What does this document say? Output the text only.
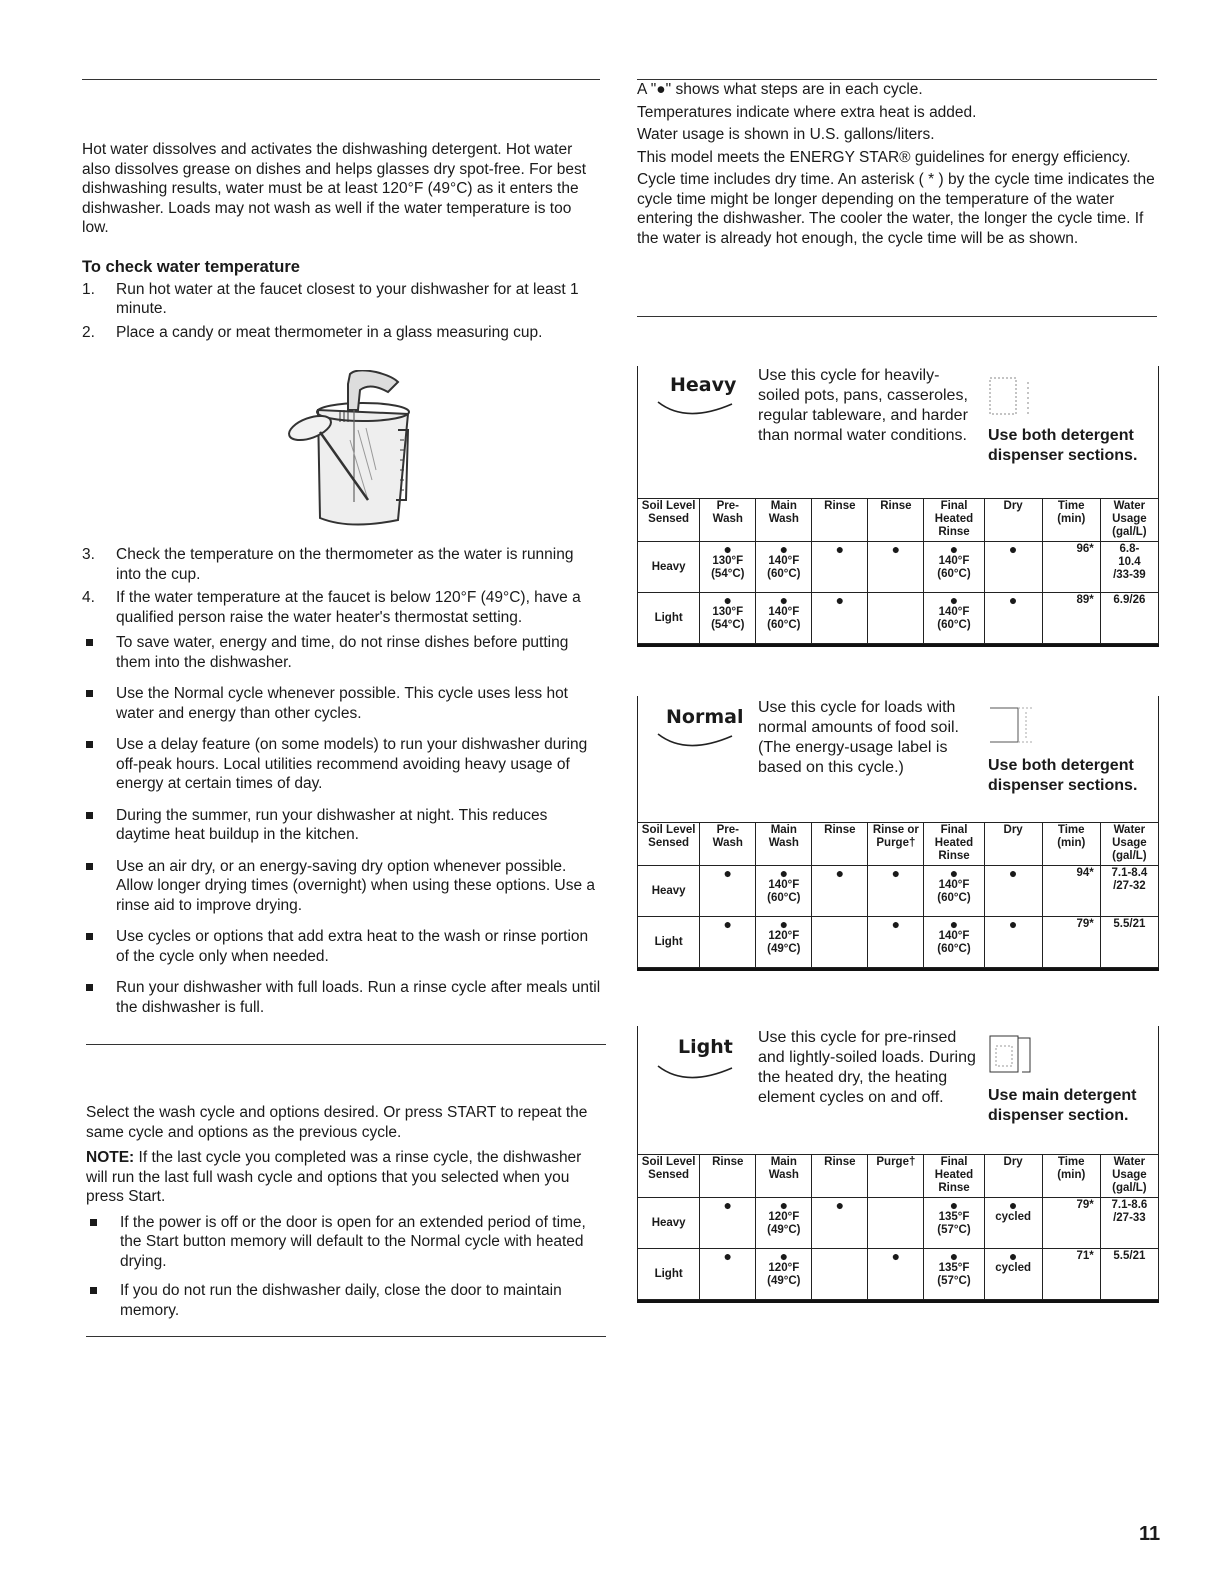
Hot water dissolves and activates the dishwashing detergent. Hot water also dissolves grease on dishes and helps glasses dry spot-free. For best dishwashing results, water must be at least 120°F (49°C) as it enters the dishwasher. Loads may not wash as well if the water temperature is too low.

To check water temperature

1. Run hot water at the faucet closest to your dishwasher for at least 1 minute.
2. Place a candy or meat thermometer in a glass measuring cup.
3. Check the temperature on the thermometer as the water is running into the cup.
4. If the water temperature at the faucet is below 120°F (49°C), have a qualified person raise the water heater's thermostat setting.
To save water, energy and time, do not rinse dishes before putting them into the dishwasher.
Use the Normal cycle whenever possible. This cycle uses less hot water and energy than other cycles.
Use a delay feature (on some models) to run your dishwasher during off-peak hours. Local utilities recommend avoiding heavy usage of energy at certain times of day.
During the summer, run your dishwasher at night. This reduces daytime heat buildup in the kitchen.
Use an air dry, or an energy-saving dry option whenever possible. Allow longer drying times (overnight) when using these options. Use a rinse aid to improve drying.
Use cycles or options that add extra heat to the wash or rinse portion of the cycle only when needed.
Run your dishwasher with full loads. Run a rinse cycle after meals until the dishwasher is full.

Select the wash cycle and options desired. Or press START to repeat the same cycle and options as the previous cycle.

NOTE: If the last cycle you completed was a rinse cycle, the dishwasher will run the last full wash cycle and options that you selected when you press Start.

If the power is off or the door is open for an extended period of time, the Start button memory will default to the Normal cycle with heated drying.
If you do not run the dishwasher daily, close the door to maintain memory.

A "●" shows what steps are in each cycle.

Temperatures indicate where extra heat is added.

Water usage is shown in U.S. gallons/liters.

This model meets the ENERGY STAR® guidelines for energy efficiency.

Cycle time includes dry time. An asterisk ( * ) by the cycle time indicates the cycle time might be longer depending on the temperature of the water entering the dishwasher. The cooler the water, the longer the cycle time. If the water is already hot enough, the cycle time will be as shown.

Heavy Use this cycle for heavily-soiled pots, pans, casseroles, regular tableware, and harder than normal water conditions.	Use both detergent dispenser sections.
Soil Level Sensed	Pre- Wash	Main Wash	Rinse	Rinse	Final Heated Rinse	Dry	Time (min)	Water Usage (gal/L)
Heavy	●
130°F
(54°C)	●
140°F
(60°C)	●	●	●
140°F
(60°C)	●	96*	6.8-
10.4
/33-39

Light	●
130°F
(54°C)	●
140°F
(60°C)	●		●
140°F
(60°C)	●	89*	6.9/26
Normal Use this cycle for loads with normal amounts of food soil. (The energy-usage label is based on this cycle.)	Use both detergent dispenser sections.
Soil Level Sensed	Pre- Wash	Main Wash	Rinse	Rinse or Purge†	Final Heated Rinse	Dry	Time (min)	Water Usage (gal/L)
Heavy	●	●
140°F
(60°C)	●	●	●
140°F
(60°C)	●	94*	7.1-8.4
/27-32

Light	●	●
120°F
(49°C)		●	●
140°F
(60°C)	●	79*	5.5/21
Light Use this cycle for pre-rinsed and lightly-soiled loads. During the heated dry, the heating element cycles on and off.	Use main detergent dispenser section.
Soil Level Sensed	Rinse	Main Wash	Rinse	Purge†	Final Heated Rinse	Dry	Time (min)	Water Usage (gal/L)
Heavy	●	●
120°F
(49°C)	●		●
135°F
(57°C)	●
cycled	79*	7.1-8.6
/27-33

Light	●	●
120°F
(49°C)		●	●
135°F
(57°C)	●
cycled	71*	5.5/21
11
